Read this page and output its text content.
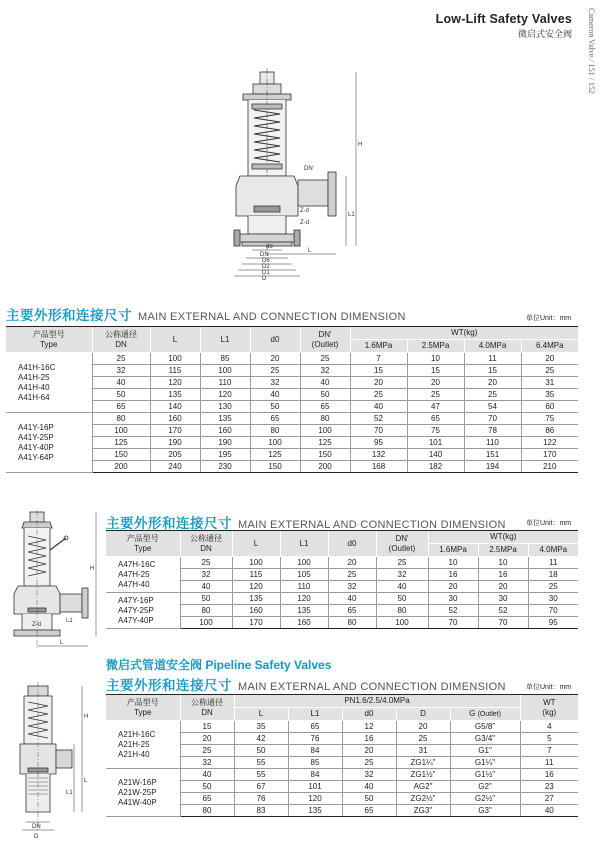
Low-Lift Safety Valves
微启式安全阀 Cameron Valve / 151 / 152
H
L1
L
DN'
do
DN
D6
D2
D1
D
Z-d
Z-d
主要外形和连接尺寸 MAIN EXTERNAL AND CONNECTION DIMENSION	单位Unit：mm
产品型号
Type	公称通径
DN	L	L1	d0	DN'
(Outlet)	WT(kg)			
						1.6MPa	2.5MPa	4.0MPa	6.4MPa

A41H-16C
A41H-25
A41H-40
A41H-64	25	100	85	20	25	7	10	11	20
	32	115	100	25	32	15	15	15	25
	40	120	110	32	40	20	20	20	31
	50	135	120	40	50	25	25	25	35
	65	140	130	50	65	40	47	54	60

A41Y-16P
A41Y-25P
A41Y-40P
A41Y-64P	80	160	135	65	80	52	65	70	75
	100	170	160	80	100	70	75	78	86
	125	190	190	100	125	95	101	110	122
	150	205	195	125	150	132	140	151	170
	200	240	230	150	200	168	182	194	210
H
L1
L
Z-d
主要外形和连接尺寸 MAIN EXTERNAL AND CONNECTION DIMENSION	单位Unit：mm
产品型号
Type	公称通径
DN	L	L1	d0	DN'
(Outlet)	WT(kg)		
						1.6MPa	2.5MPa	4.0MPa

A47H-16C
A47H-25
A47H-40	25	100	100	20	25	10	10	11
	32	115	105	25	32	16	16	18
	40	120	110	32	40	20	20	25

A47Y-16P
A47Y-25P
A47Y-40P	50	135	120	40	50	30	30	30
	80	160	135	65	80	52	52	70
	100	170	160	80	100	70	70	95
H
L
L1
DN
D
微启式管道安全阀 Pipeline Safety Valves
主要外形和连接尺寸 MAIN EXTERNAL AND CONNECTION DIMENSION	单位Unit：mm
产品型号
Type	公称通径
DN	PN1.6/2.5/4.0MPa					WT
(kg)
		L	L1	d0	D	G (Outlet)	

A21H-16C
A21H-25
A21H-40	15	35	65	12	20	G5/8"	4
	20	42	76	16	25	G3/4"	5
	25	50	84	20	31	G1"	7
	32	55	85	25	ZG1¼"	G1¼"	11

A21W-16P
A21W-25P
A41W-40P	40	55	84	32	ZG1½"	G1½"	16
	50	67	101	40	AG2"	G2"	23
	65	76	120	50	ZG2½"	G2½"	27
	80	83	135	65	ZG3"	G3"	40
